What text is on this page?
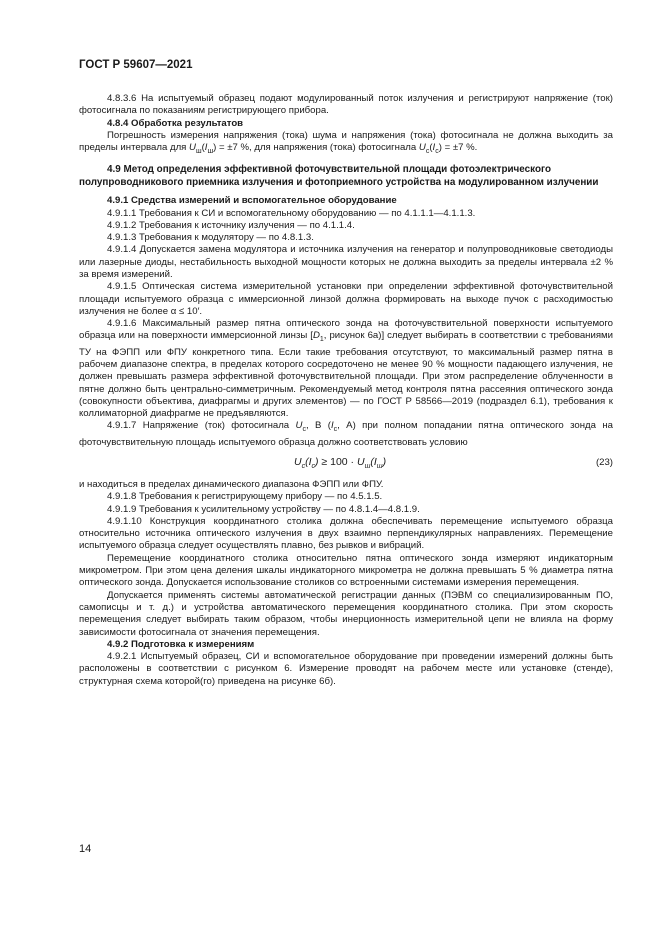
ГОСТ Р 59607—2021

4.8.3.6 На испытуемый образец подают модулированный поток излучения и регистрируют напряжение (ток) фотосигнала по показаниям регистрирующего прибора.

4.8.4 Обработка результатов

Погрешность измерения напряжения (тока) шума и напряжения (тока) фотосигнала не должна выходить за пределы интервала для $U_ш(I_ш) = \pm 7$ %, для напряжения (тока) фотосигнала $U_c(I_c) = \pm 7$ %.

4.9 Метод определения эффективной фоточувствительной площади фотоэлектрического полупроводникового приемника излучения и фотоприемного устройства на модулированном излучении

4.9.1 Средства измерений и вспомогательное оборудование

4.9.1.1 Требования к СИ и вспомогательному оборудованию — по 4.1.1.1—4.1.1.3.

4.9.1.2 Требования к источнику излучения — по 4.1.1.4.

4.9.1.3 Требования к модулятору — по 4.8.1.3.

4.9.1.4 Допускается замена модулятора и источника излучения на генератор и полупроводниковые светодиоды или лазерные диоды, нестабильность выходной мощности которых не должна выходить за пределы интервала ±2 % за время измерений.

4.9.1.5 Оптическая система измерительной установки при определении эффективной фоточувствительной площади испытуемого образца с иммерсионной линзой должна формировать на выходе пучок с расходимостью излучения не более α ≤ 10′.

4.9.1.6 Максимальный размер пятна оптического зонда на фоточувствительной поверхности испытуемого образца или на поверхности иммерсионной линзы [$D_1$, рисунок 6а)] следует выбирать в соответствии с требованиями ТУ на ФЭПП или ФПУ конкретного типа. Если такие требования отсутствуют, то максимальный размер пятна в рабочем диапазоне спектра, в пределах которого сосредоточено не менее 90 % мощности падающего излучения, не должен превышать размера эффективной фоточувствительной площади. При этом распределение облученности в пятне должно быть центрально-симметричным. Рекомендуемый метод контроля пятна рассеяния оптического зонда (совокупности объектива, диафрагмы и других элементов) — по ГОСТ Р 58566—2019 (подраздел 6.1), требования к коллиматорной диафрагме не предъявляются.

4.9.1.7 Напряжение (ток) фотосигнала $U_c$, В ($I_c$, А) при полном попадании пятна оптического зонда на фоточувствительную площадь испытуемого образца должно соответствовать условию

$U_c(I_c) \ge 100 \cdot U_ш(I_ш)$	(23)

и находиться в пределах динамического диапазона ФЭПП или ФПУ.

4.9.1.8 Требования к регистрирующему прибору — по 4.5.1.5.

4.9.1.9 Требования к усилительному устройству — по 4.8.1.4—4.8.1.9.

4.9.1.10 Конструкция координатного столика должна обеспечивать перемещение испытуемого образца относительно источника оптического излучения в двух взаимно перпендикулярных направлениях. Перемещение испытуемого образца следует осуществлять плавно, без рывков и вибраций.

Перемещение координатного столика относительно пятна оптического зонда измеряют индикаторным микрометром. При этом цена деления шкалы индикаторного микрометра не должна превышать 5 % диаметра пятна оптического зонда. Допускается использование столиков со встроенными системами измерения перемещения.

Допускается применять системы автоматической регистрации данных (ПЭВМ со специализированным ПО, самописцы и т. д.) и устройства автоматического перемещения координатного столика. При этом скорость перемещения следует выбирать таким образом, чтобы инерционность измерительной цепи не влияла на форму зависимости фотосигнала от значения перемещения.

4.9.2 Подготовка к измерениям

4.9.2.1 Испытуемый образец, СИ и вспомогательное оборудование при проведении измерений должны быть расположены в соответствии с рисунком 6. Измерение проводят на рабочем месте или установке (стенде), структурная схема которой(го) приведена на рисунке 6б).

14
